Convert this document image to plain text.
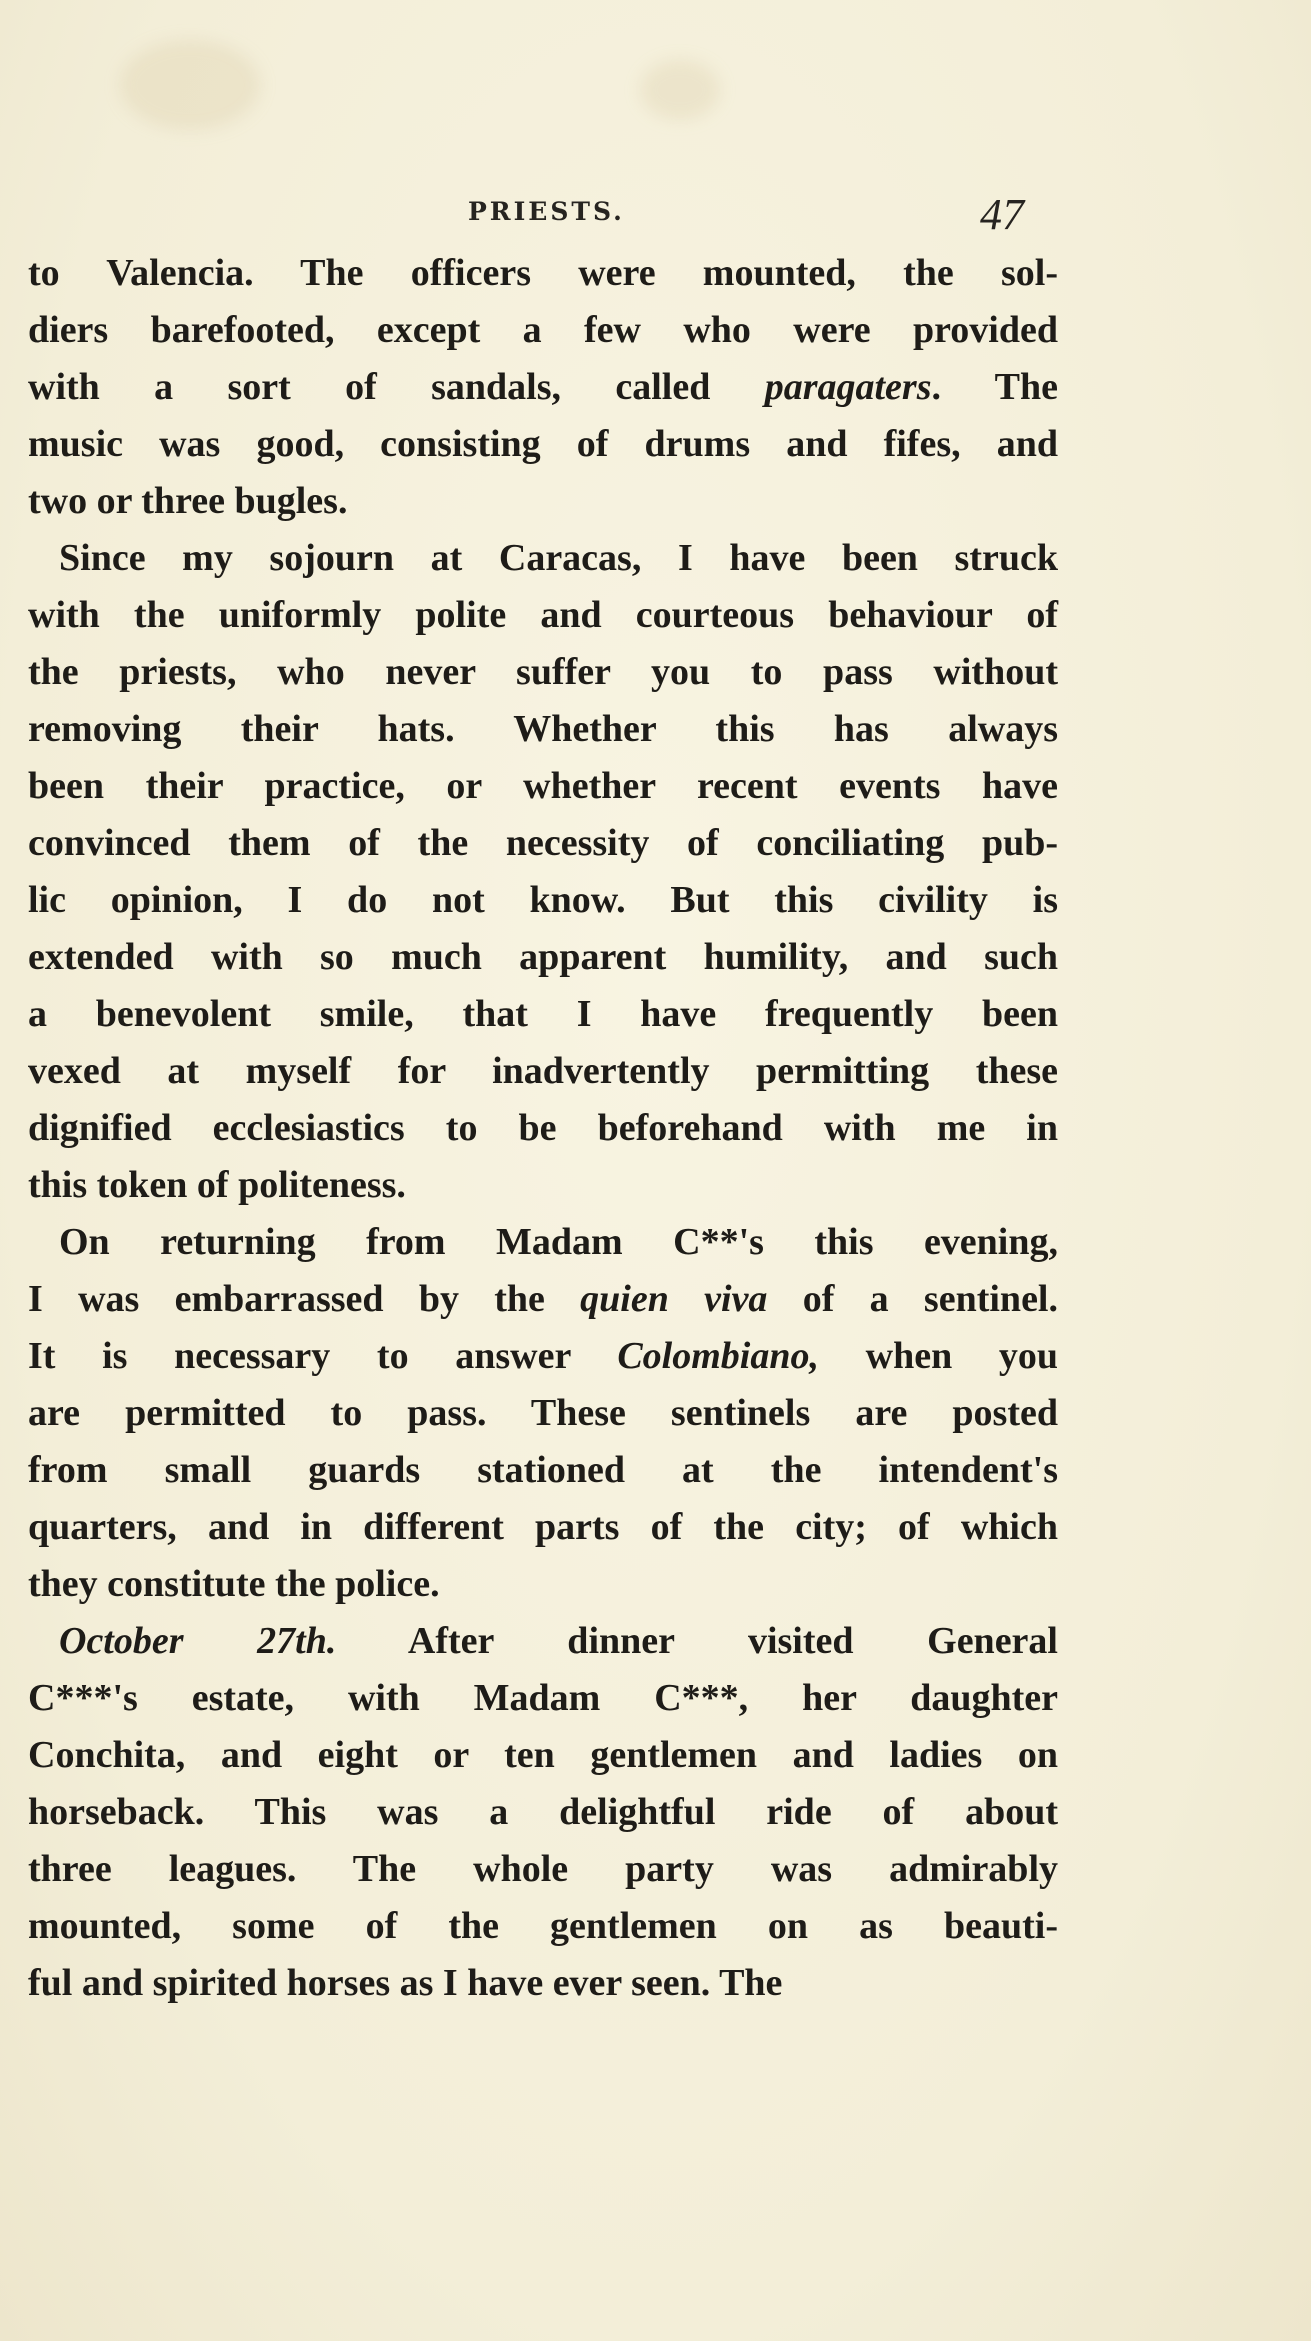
PRIESTS.	47
to Valencia. The officers were mounted, the sol-
diers barefooted, except a few who were provided
with a sort of sandals, called paragaters. The
music was good, consisting of drums and fifes, and
two or three bugles.
Since my sojourn at Caracas, I have been struck
with the uniformly polite and courteous behaviour of
the priests, who never suffer you to pass without
removing their hats. Whether this has always
been their practice, or whether recent events have
convinced them of the necessity of conciliating pub-
lic opinion, I do not know. But this civility is
extended with so much apparent humility, and such
a benevolent smile, that I have frequently been
vexed at myself for inadvertently permitting these
dignified ecclesiastics to be beforehand with me in
this token of politeness.
On returning from Madam C**'s this evening,
I was embarrassed by the quien viva of a sentinel.
It is necessary to answer Colombiano, when you
are permitted to pass. These sentinels are posted
from small guards stationed at the intendent's
quarters, and in different parts of the city; of which
they constitute the police.
October 27th. After dinner visited General
C***'s estate, with Madam C***, her daughter
Conchita, and eight or ten gentlemen and ladies on
horseback. This was a delightful ride of about
three leagues. The whole party was admirably
mounted, some of the gentlemen on as beauti-
ful and spirited horses as I have ever seen. The
